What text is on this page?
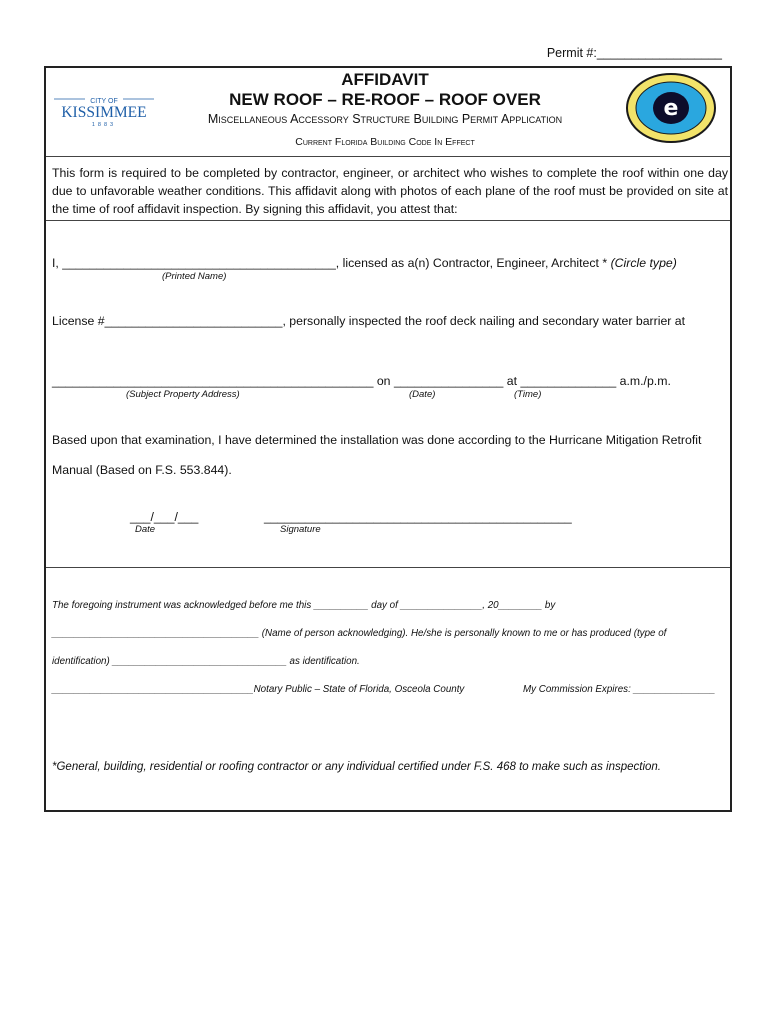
Permit #:__________________
CITY OF
KISSIMMEE
1883
AFFIDAVIT
NEW ROOF – RE-ROOF – ROOF OVER
Miscellaneous Accessory Structure Building Permit Application
Current Florida Building Code In Effect
e
This form is required to be completed by contractor, engineer, or architect who wishes to complete the roof within one day due to unfavorable weather conditions. This affidavit along with photos of each plane of the roof must be provided on site at the time of roof affidavit inspection. By signing this affidavit, you attest that:
I, ________________________________________, licensed as a(n) Contractor, Engineer, Architect * (Circle type)
(Printed Name)
License #__________________________, personally inspected the roof deck nailing and secondary water barrier at
_______________________________________________ on ________________ at ______________ a.m./p.m.
(Subject Property Address)	(Date)	(Time)
Based upon that examination, I have determined the installation was done according to the Hurricane Mitigation Retrofit
Manual (Based on F.S. 553.844).
___/___/___
Date
_____________________________________________
Signature
The foregoing instrument was acknowledged before me this __________ day of _______________, 20________ by
______________________________________ (Name of person acknowledging). He/she is personally known to me or has produced (type of
identification) ________________________________ as identification.
_____________________________________Notary Public – State of Florida, Osceola County	My Commission Expires: _______________
*General, building, residential or roofing contractor or any individual certified under F.S. 468 to make such as inspection.
